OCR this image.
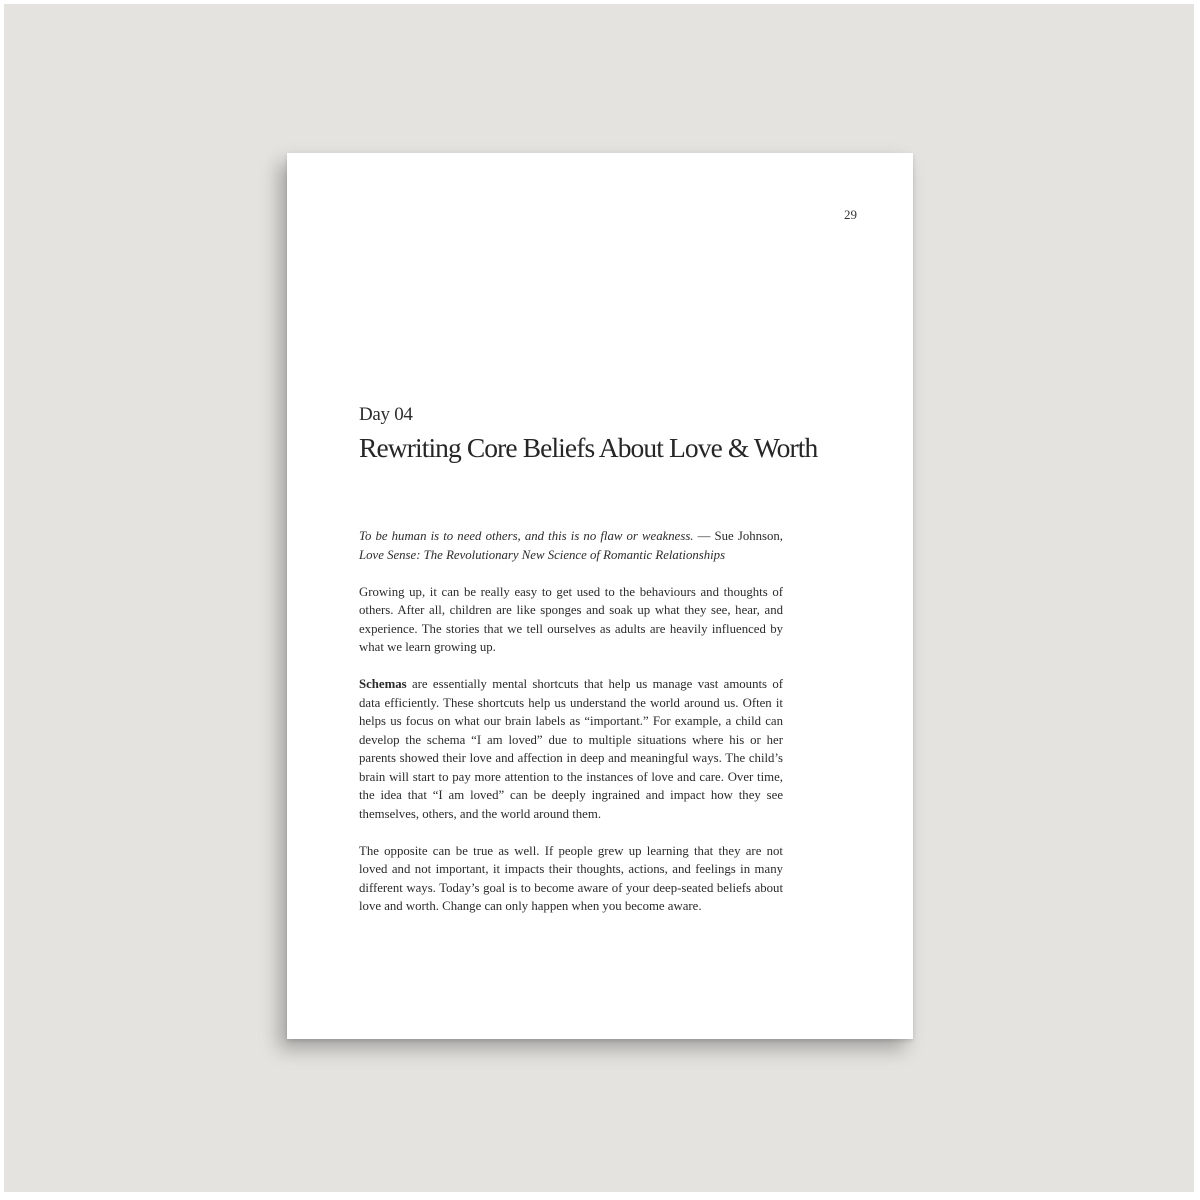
29
Day 04
Rewriting Core Beliefs About Love & Worth
To be human is to need others, and this is no flaw or weakness. — Sue Johnson, Love Sense: The Revolutionary New Science of Romantic Relationships

Growing up, it can be really easy to get used to the behaviours and thoughts of others. After all, children are like sponges and soak up what they see, hear, and experience. The stories that we tell ourselves as adults are heavily influenced by what we learn growing up.

Schemas are essentially mental shortcuts that help us manage vast amounts of data efficiently. These shortcuts help us understand the world around us. Often it helps us focus on what our brain labels as “important.” For example, a child can develop the schema “I am loved” due to multiple situations where his or her parents showed their love and affection in deep and meaningful ways. The child’s brain will start to pay more attention to the instances of love and care. Over time, the idea that “I am loved” can be deeply ingrained and impact how they see themselves, others, and the world around them.

The opposite can be true as well. If people grew up learning that they are not loved and not important, it impacts their thoughts, actions, and feelings in many different ways. Today’s goal is to become aware of your deep-seated beliefs about love and worth. Change can only happen when you become aware.
